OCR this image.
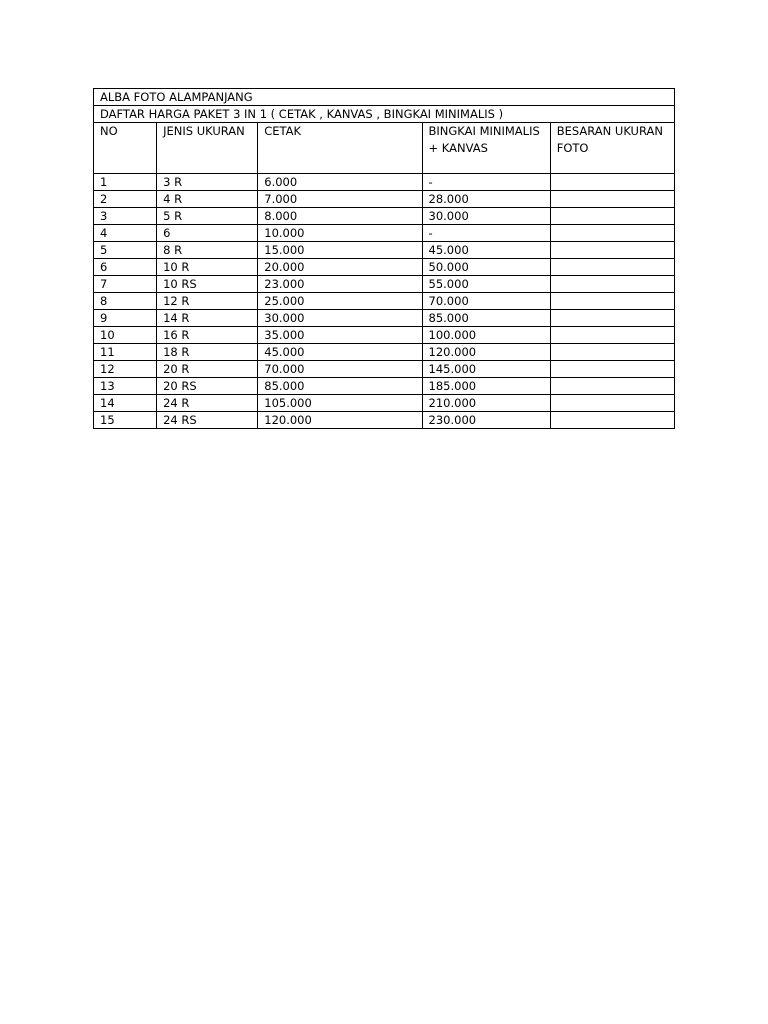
ALBA FOTO ALAMPANJANG				
DAFTAR HARGA PAKET 3 IN 1 ( CETAK , KANVAS , BINGKAI MINIMALIS )				
NO	JENIS UKURAN	CETAK	BINGKAI MINIMALIS + KANVAS	BESARAN UKURAN FOTO
1	3 R	6.000	-	
2	4 R	7.000	28.000	
3	5 R	8.000	30.000	
4	6	10.000	-	
5	8 R	15.000	45.000	
6	10 R	20.000	50.000	
7	10 RS	23.000	55.000	
8	12 R	25.000	70.000	
9	14 R	30.000	85.000	
10	16 R	35.000	100.000	
11	18 R	45.000	120.000	
12	20 R	70.000	145.000	
13	20 RS	85.000	185.000	
14	24 R	105.000	210.000	
15	24 RS	120.000	230.000	
